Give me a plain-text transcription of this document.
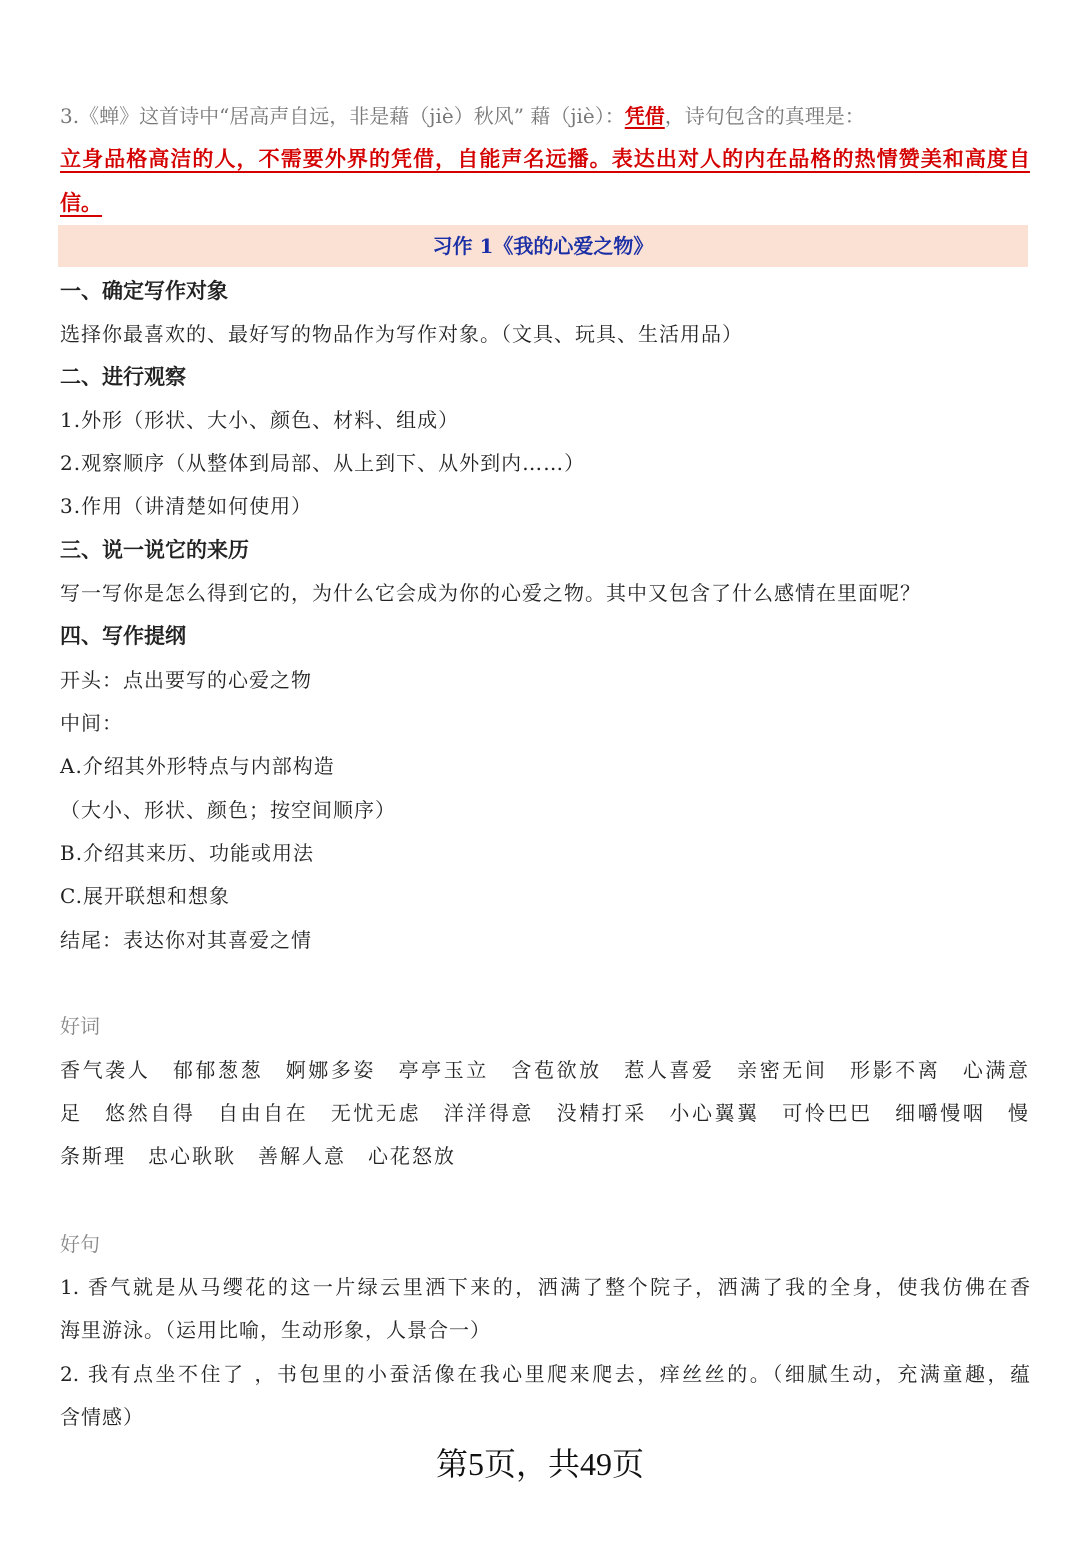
3.《蝉》这首诗中“居高声自远，非是藉（jiè）秋风” 藉（jiè）：凭借，诗句包含的真理是：
立身品格高洁的人，不需要外界的凭借，自能声名远播。表达出对人的内在品格的热情赞美和高度自
信。
习作 1《我的心爱之物》
一、确定写作对象
选择你最喜欢的、最好写的物品作为写作对象。（文具、玩具、生活用品）
二、进行观察
1.外形（形状、大小、颜色、材料、组成）
2.观察顺序（从整体到局部、从上到下、从外到内……）
3.作用（讲清楚如何使用）
三、说一说它的来历
写一写你是怎么得到它的，为什么它会成为你的心爱之物。其中又包含了什么感情在里面呢？
四、写作提纲
开头：点出要写的心爱之物
中间：
A.介绍其外形特点与内部构造
（大小、形状、颜色；按空间顺序）
B.介绍其来历、功能或用法
C.展开联想和想象
结尾：表达你对其喜爱之情
好词
香气袭人　郁郁葱葱　婀娜多姿　亭亭玉立　含苞欲放　惹人喜爱　亲密无间　形影不离　心满意
足　悠然自得　自由自在　无忧无虑　洋洋得意　没精打采　小心翼翼　可怜巴巴　细嚼慢咽　慢
条斯理　忠心耿耿　善解人意　心花怒放
好句
1. 香气就是从马缨花的这一片绿云里洒下来的，洒满了整个院子，洒满了我的全身，使我仿佛在香
海里游泳。（运用比喻，生动形象，人景合一）
2. 我有点坐不住了 ，书包里的小蚕活像在我心里爬来爬去，痒丝丝的。（细腻生动，充满童趣，蕴
含情感）
第5页，共49页
